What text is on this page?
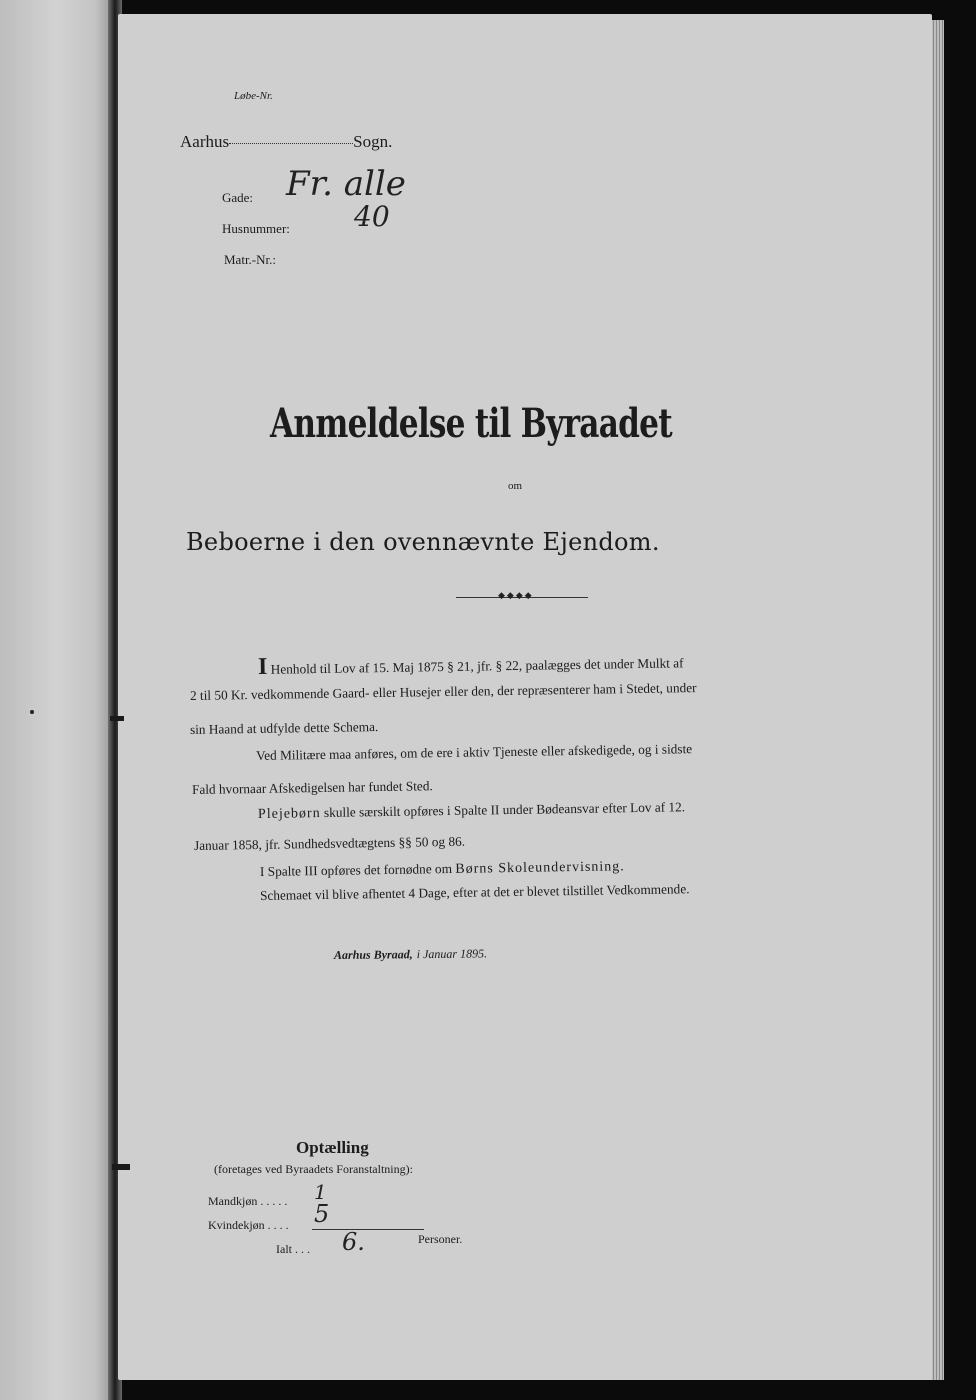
Løbe-Nr.
Aarhus	Sogn.
Gade: Fr. alle
Husnummer: 40
Matr.-Nr.:
Anmeldelse til Byraadet
om
Beboerne i den ovennævnte Ejendom.
◆◆◆◆
I Henhold til Lov af 15. Maj 1875 § 21, jfr. § 22, paalægges det under Mulkt af
2 til 50 Kr. vedkommende Gaard- eller Husejer eller den, der repræsenterer ham i Stedet, under
sin Haand at udfylde dette Schema.
Ved Militære maa anføres, om de ere i aktiv Tjeneste eller afskedigede, og i sidste
Fald hvornaar Afskedigelsen har fundet Sted.
Plejebørn skulle særskilt opføres i Spalte II under Bødeansvar efter Lov af 12.
Januar 1858, jfr. Sundhedsvedtægtens §§ 50 og 86.
I Spalte III opføres det fornødne om Børns Skoleundervisning.
Schemaet vil blive afhentet 4 Dage, efter at det er blevet tilstillet Vedkommende.
Aarhus Byraad, i Januar 1895.
Optælling
(foretages ved Byraadets Foranstaltning):
Mandkjøn . . . . . 1
Kvindekjøn . . . . 5
Ialt . . . 6.	Personer.
